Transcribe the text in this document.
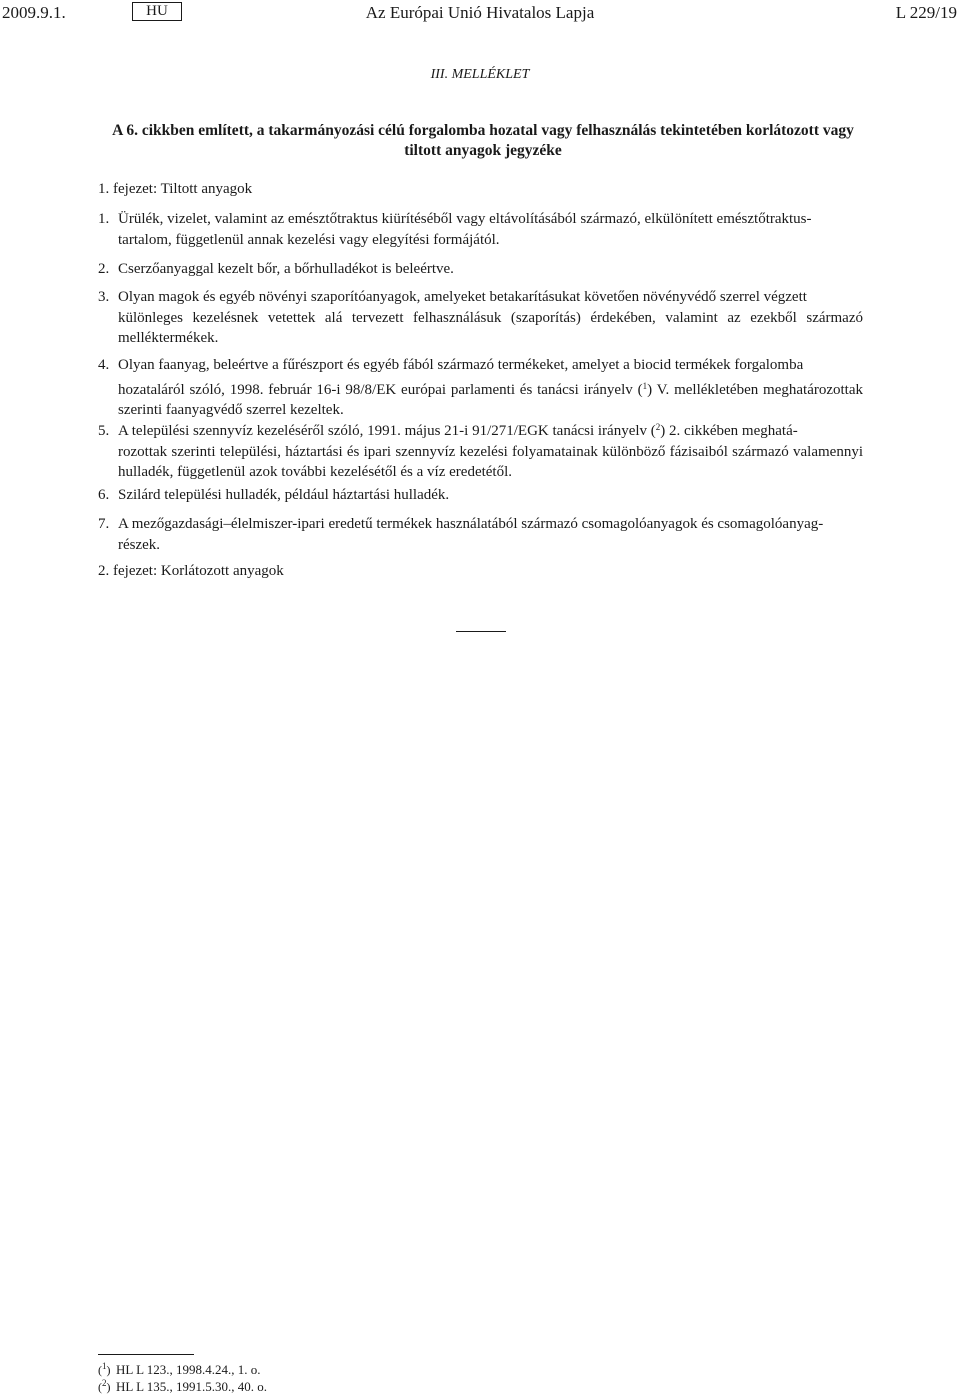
2009.9.1.	HU	Az Európai Unió Hivatalos Lapja	L 229/19
III. MELLÉKLET
A 6. cikkben említett, a takarmányozási célú forgalomba hozatal vagy felhasználás tekintetében korlátozott vagy
tiltott anyagok jegyzéke
1. fejezet: Tiltott anyagok
1. Ürülék, vizelet, valamint az emésztőtraktus kiürítéséből vagy eltávolításából származó, elkülönített emésztőtraktus-
tartalom, függetlenül annak kezelési vagy elegyítési formájától.
2. Cserzőanyaggal kezelt bőr, a bőrhulladékot is beleértve.
3. Olyan magok és egyéb növényi szaporítóanyagok, amelyeket betakarításukat követően növényvédő szerrel végzett
különleges kezelésnek vetettek alá tervezett felhasználásuk (szaporítás) érdekében, valamint az ezekből származó melléktermékek.
4. Olyan faanyag, beleértve a fűrészport és egyéb fából származó termékeket, amelyet a biocid termékek forgalomba
hozataláról szóló, 1998. február 16-i 98/8/EK európai parlamenti és tanácsi irányelv ($^1$) V. mellékletében meghatározottak szerinti faanyagvédő szerrel kezeltek.
5. A települési szennyvíz kezeléséről szóló, 1991. május 21-i 91/271/EGK tanácsi irányelv ($^2$) 2. cikkében meghatá-
rozottak szerinti települési, háztartási és ipari szennyvíz kezelési folyamatainak különböző fázisaiból származó valamennyi hulladék, függetlenül azok további kezelésétől és a víz eredetétől.
6. Szilárd települési hulladék, például háztartási hulladék.
7. A mezőgazdasági–élelmiszer-ipari eredetű termékek használatából származó csomagolóanyagok és csomagolóanyag-
részek.
2. fejezet: Korlátozott anyagok
($^1$) HL L 123., 1998.4.24., 1. o.
($^2$) HL L 135., 1991.5.30., 40. o.
